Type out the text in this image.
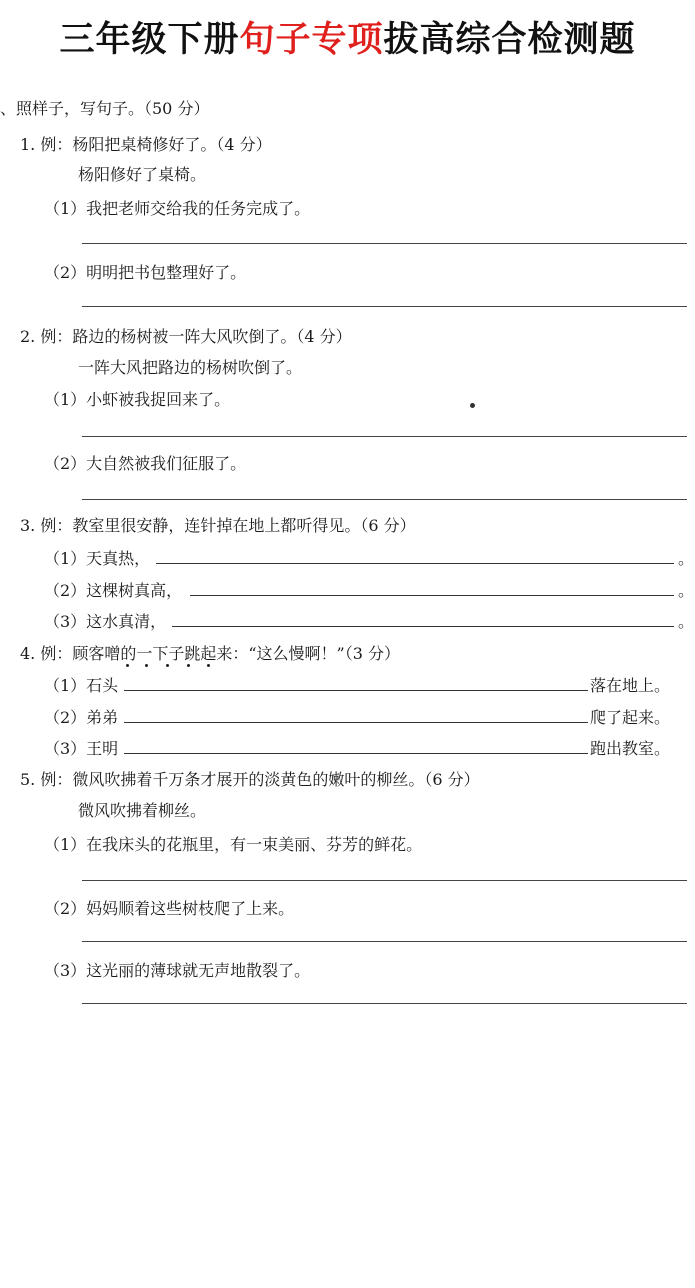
三年级下册句子专项拔高综合检测题
、照样子，写句子。（50 分）
1. 例：杨阳把桌椅修好了。（4 分）
杨阳修好了桌椅。
（1）我把老师交给我的任务完成了。
（2）明明把书包整理好了。
2. 例：路边的杨树被一阵大风吹倒了。（4 分）
一阵大风把路边的杨树吹倒了。
（1）小虾被我捉回来了。
（2）大自然被我们征服了。
3. 例：教室里很安静，连针掉在地上都听得见。（6 分）
（1）天真热，	。
（2）这棵树真高，	。
（3）这水真清，	。
4. 例：顾客噌的一下子跳起来：“这么慢啊！”（3 分）
（1）石头	落在地上。
（2）弟弟	爬了起来。
（3）王明	跑出教室。
5. 例：微风吹拂着千万条才展开的淡黄色的嫩叶的柳丝。（6 分）
微风吹拂着柳丝。
（1）在我床头的花瓶里，有一束美丽、芬芳的鲜花。
（2）妈妈顺着这些树枝爬了上来。
（3）这光丽的薄球就无声地散裂了。
